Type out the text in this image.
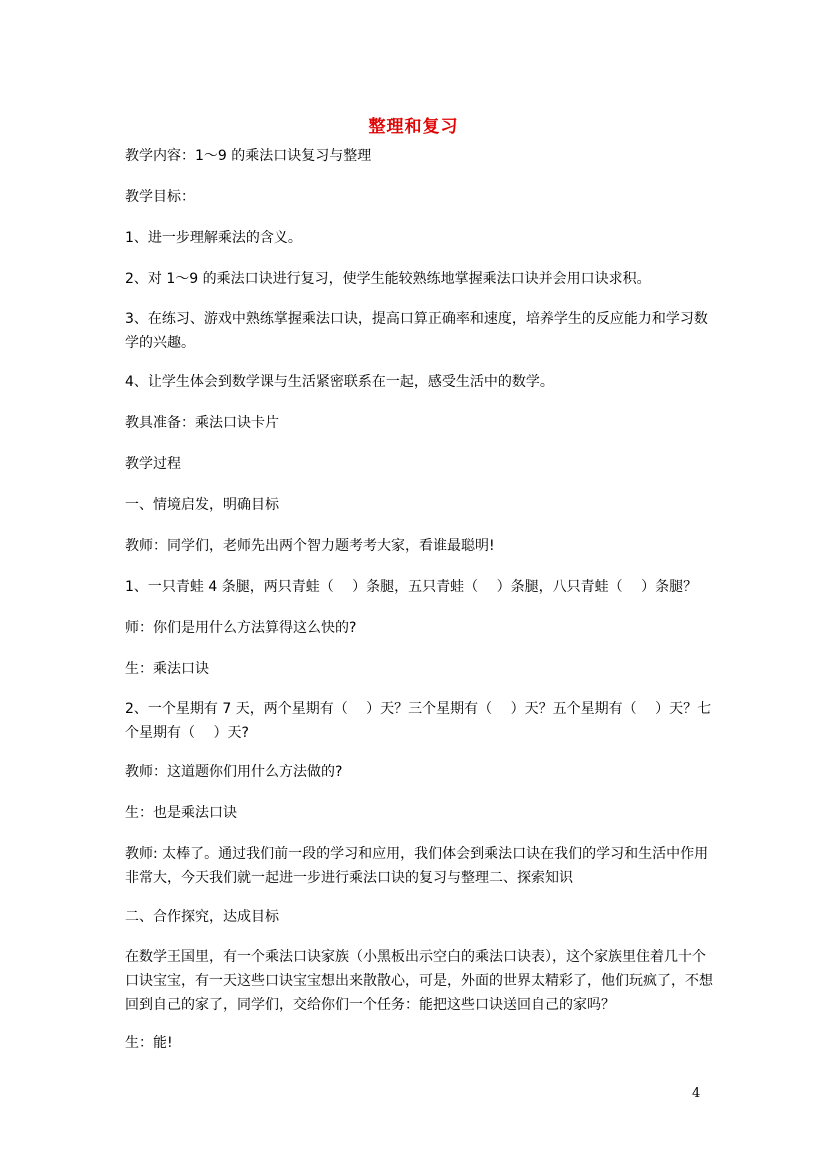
整理和复习
教学内容：1～9 的乘法口诀复习与整理
教学目标：
1、进一步理解乘法的含义。
2、对 1～9 的乘法口诀进行复习，使学生能较熟练地掌握乘法口诀并会用口诀求积。
3、在练习、游戏中熟练掌握乘法口诀，提高口算正确率和速度，培养学生的反应能力和学习数学的兴趣。
4、让学生体会到数学课与生活紧密联系在一起，感受生活中的数学。
教具准备：乘法口诀卡片
教学过程
一、情境启发，明确目标
教师：同学们，老师先出两个智力题考考大家，看谁最聪明!
1、一只青蛙 4 条腿，两只青蛙（　 ）条腿，五只青蛙（　 ）条腿，八只青蛙（　 ）条腿？
师：你们是用什么方法算得这么快的?
生：乘法口诀
2、一个星期有 7 天，两个星期有（　 ）天？三个星期有（　 ）天？五个星期有（　 ）天？七个星期有（　 ）天?
教师：这道题你们用什么方法做的?
生：也是乘法口诀
教师: 太棒了。通过我们前一段的学习和应用，我们体会到乘法口诀在我们的学习和生活中作用非常大，今天我们就一起进一步进行乘法口诀的复习与整理二、探索知识
二、合作探究，达成目标
在数学王国里，有一个乘法口诀家族（小黑板出示空白的乘法口诀表），这个家族里住着几十个口诀宝宝，有一天这些口诀宝宝想出来散散心，可是，外面的世界太精彩了，他们玩疯了，不想回到自己的家了，同学们，交给你们一个任务：能把这些口诀送回自己的家吗？
生：能!
4
